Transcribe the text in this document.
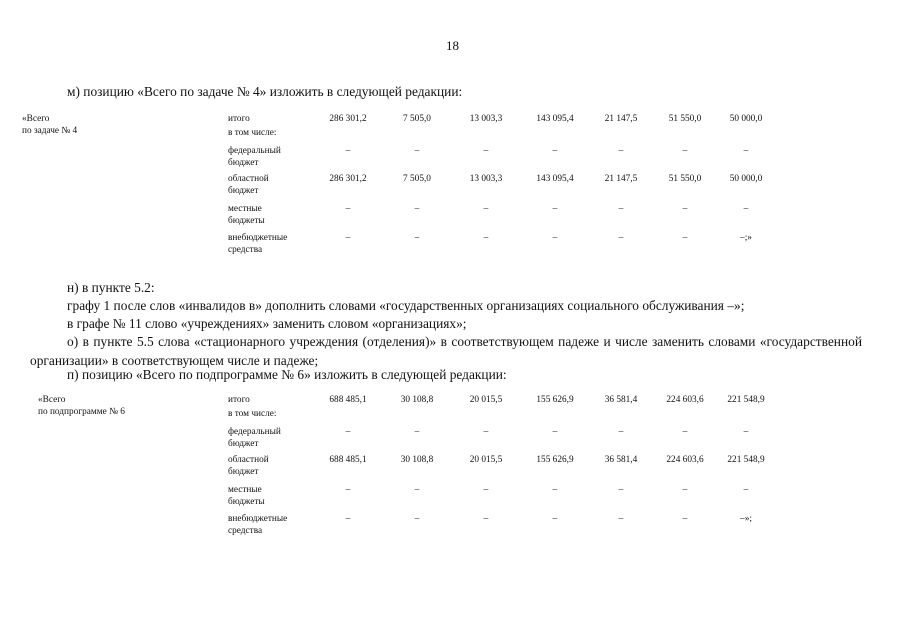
18
м) позицию «Всего по задаче № 4» изложить в следующей редакции:
«Всего
по задаче № 4
итого	286 301,2	7 505,0	13 003,3	143 095,4	21 147,5	51 550,0	50 000,0
в том числе:
федеральный
бюджет
–	–	–	–	–	–	–
областной
бюджет
286 301,2	7 505,0	13 003,3	143 095,4	21 147,5	51 550,0	50 000,0
местные
бюджеты
–	–	–	–	–	–	–
внебюджетные
средства
–	–	–	–	–	–	–;»
н) в пункте 5.2:
графу 1 после слов «инвалидов в» дополнить словами «государственных организациях социального обслуживания –»;
в графе № 11 слово «учреждениях» заменить словом «организациях»;
о) в пункте 5.5 слова «стационарного учреждения (отделения)» в соответствующем падеже и числе заменить словами «государственной организации» в соответствующем числе и падеже;
п) позицию «Всего по подпрограмме № 6» изложить в следующей редакции:
«Всего
по подпрограмме № 6
итого	688 485,1	30 108,8	20 015,5	155 626,9	36 581,4	224 603,6	221 548,9
в том числе:
федеральный
бюджет
–	–	–	–	–	–	–
областной
бюджет
688 485,1	30 108,8	20 015,5	155 626,9	36 581,4	224 603,6	221 548,9
местные
бюджеты
–	–	–	–	–	–	–
внебюджетные
средства
–	–	–	–	–	–	–»;
